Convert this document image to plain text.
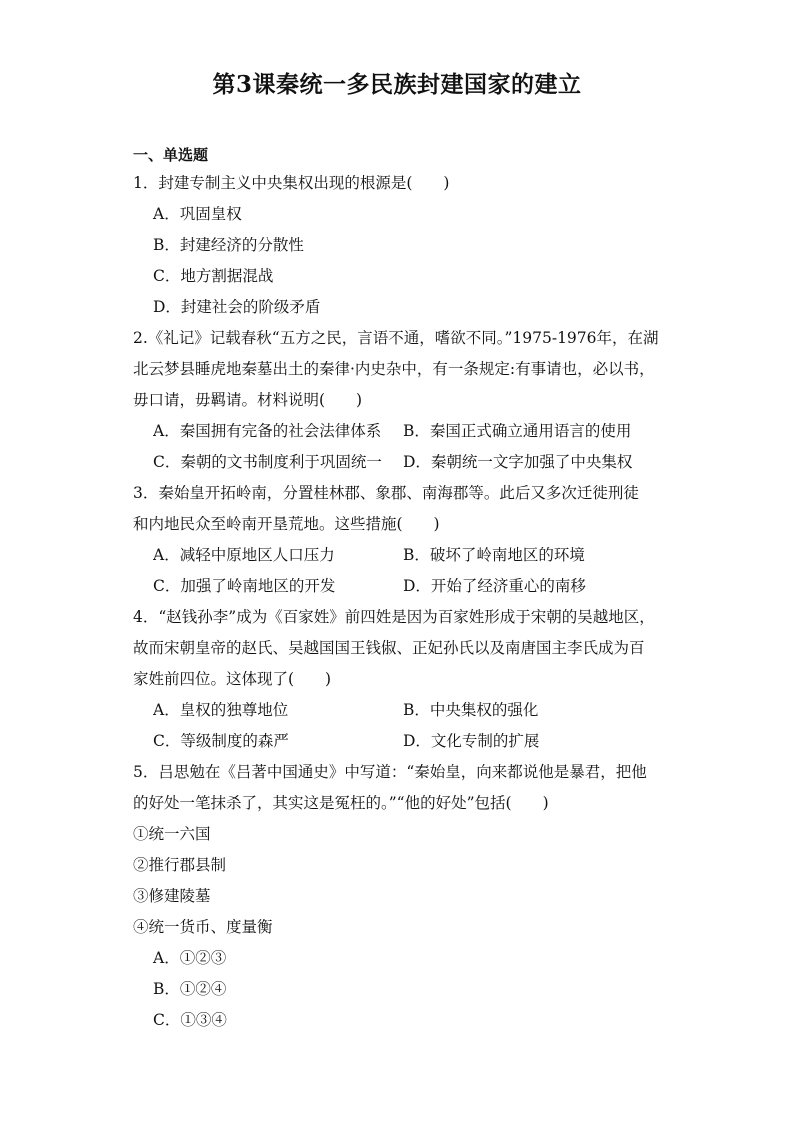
第3课秦统一多民族封建国家的建立
一、单选题
1．封建专制主义中央集权出现的根源是(　　)
A．巩固皇权
B．封建经济的分散性
C．地方割据混战
D．封建社会的阶级矛盾
2.《礼记》记载春秋“五方之民，言语不通，嗜欲不同。”1975-1976年，在湖
北云梦县睡虎地秦墓出土的秦律·内史杂中，有一条规定:有事请也，必以书，
毋口请，毋羁请。材料说明(　　)
A．秦国拥有完备的社会法律体系	B．秦国正式确立通用语言的使用
C．秦朝的文书制度利于巩固统一	D．秦朝统一文字加强了中央集权
3．秦始皇开拓岭南，分置桂林郡、象郡、南海郡等。此后又多次迁徙刑徒
和内地民众至岭南开垦荒地。这些措施(　　)
A．减轻中原地区人口压力	B．破坏了岭南地区的环境
C．加强了岭南地区的开发	D．开始了经济重心的南移
4．“赵钱孙李”成为《百家姓》前四姓是因为百家姓形成于宋朝的吴越地区，
故而宋朝皇帝的赵氏、吴越国国王钱俶、正妃孙氏以及南唐国主李氏成为百
家姓前四位。这体现了(　　)
A．皇权的独尊地位	B．中央集权的强化
C．等级制度的森严	D．文化专制的扩展
5．吕思勉在《吕著中国通史》中写道：“秦始皇，向来都说他是暴君，把他
的好处一笔抹杀了，其实这是冤枉的。”“他的好处”包括(　　)
①统一六国
②推行郡县制
③修建陵墓
④统一货币、度量衡
A．①②③
B．①②④
C．①③④
